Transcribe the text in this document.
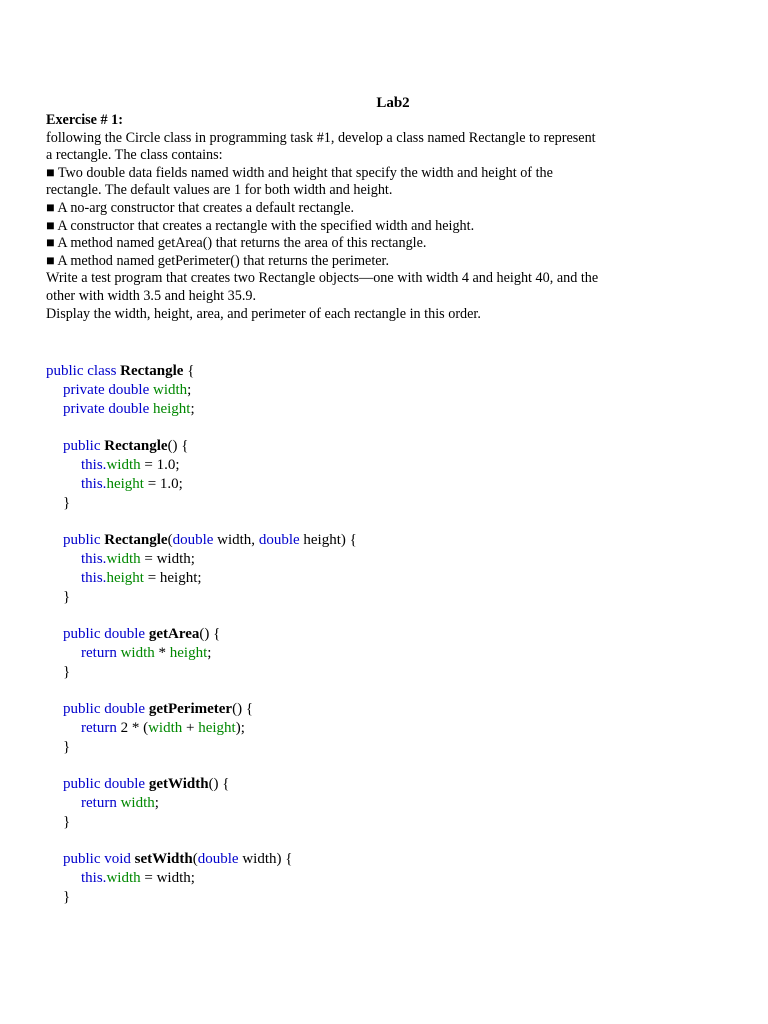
Lab2
Exercise # 1:
following the Circle class in programming task #1, develop a class named Rectangle to represent
a rectangle. The class contains:
■ Two double data fields named width and height that specify the width and height of the
rectangle. The default values are 1 for both width and height.
■ A no-arg constructor that creates a default rectangle.
■ A constructor that creates a rectangle with the specified width and height.
■ A method named getArea() that returns the area of this rectangle.
■ A method named getPerimeter() that returns the perimeter.
Write a test program that creates two Rectangle objects—one with width 4 and height 40, and the
other with width 3.5 and height 35.9.
Display the width, height, area, and perimeter of each rectangle in this order.
public class Rectangle {
private double width;
private double height;
public Rectangle() {
this.width = 1.0;
this.height = 1.0;
}
public Rectangle(double width, double height) {
this.width = width;
this.height = height;
}
public double getArea() {
return width * height;
}
public double getPerimeter() {
return 2 * (width + height);
}
public double getWidth() {
return width;
}
public void setWidth(double width) {
this.width = width;
}
